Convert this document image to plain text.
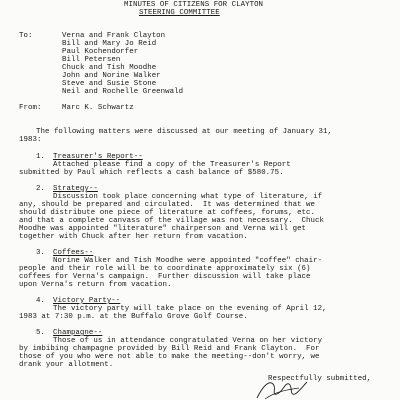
MINUTES OF CITIZENS FOR CLAYTON
STEERING COMMITTEE
To:	Verna and Frank Clayton
Bill and Mary Jo Reid
Paul Kochendorfer
Bill Petersen
Chuck and Tish Moodhe
John and Norine Walker
Steve and Susie Stone
Neil and Rochelle Greenwald
From:	Marc K. Schwartz
The following matters were discussed at our meeting of January 31,
1983:
1. Treasurer's Report--
Attached please find a copy of the Treasurer's Report
submitted by Paul which reflects a cash balance of $580.75.
2. Strategy--
Discussion took place concerning what type of literature, if
any, should be prepared and circulated.  It was determined that we
should distribute one piece of literature at coffees, forums, etc.
and that a complete canvass of the village was not necessary.  Chuck
Moodhe was appointed "literature" chairperson and Verna will get
together with Chuck after her return from vacation.
3. Coffees--
Norine Walker and Tish Moodhe were appointed "coffee" chair-
people and their role will be to coordinate approximately six (6)
coffees for Verna's campaign.  Further discussion will take place
upon Verna's return from vacation.
4. Victory Party--
The victory party will take place on the evening of April 12,
1983 at 7:30 p.m. at the Buffalo Grove Golf Course.
5. Champagne--
Those of us in attendance congratulated Verna on her victory
by imbibing champagne provided by Bill Reid and Frank Clayton.  For
those of you who were not able to make the meeting--don't worry, we
drank your allotment.
Respectfully submitted,
